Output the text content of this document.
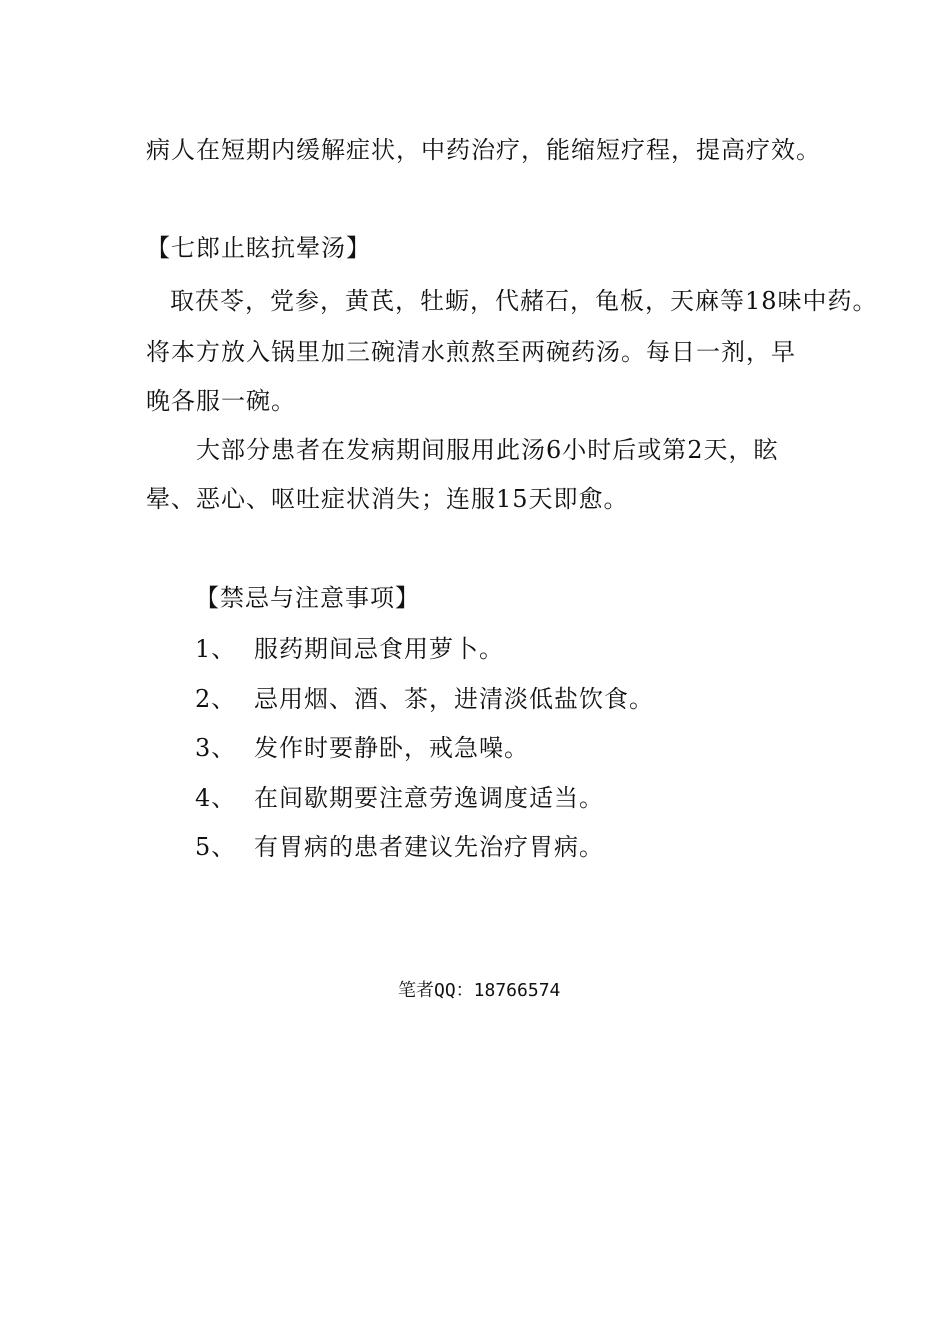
病人在短期内缓解症状，中药治疗，能缩短疗程，提高疗效。
【七郎止眩抗晕汤】
取茯苓，党参，黄芪，牡蛎，代赭石，龟板，天麻等18味中药。
将本方放入锅里加三碗清水煎熬至两碗药汤。每日一剂，早
晚各服一碗。
大部分患者在发病期间服用此汤6小时后或第2天，眩
晕、恶心、呕吐症状消失；连服15天即愈。
【禁忌与注意事项】
1、 服药期间忌食用萝卜。
2、 忌用烟、酒、茶，进清淡低盐饮食。
3、 发作时要静卧，戒急噪。
4、 在间歇期要注意劳逸调度适当。
5、 有胃病的患者建议先治疗胃病。
笔者QQ：18766574
